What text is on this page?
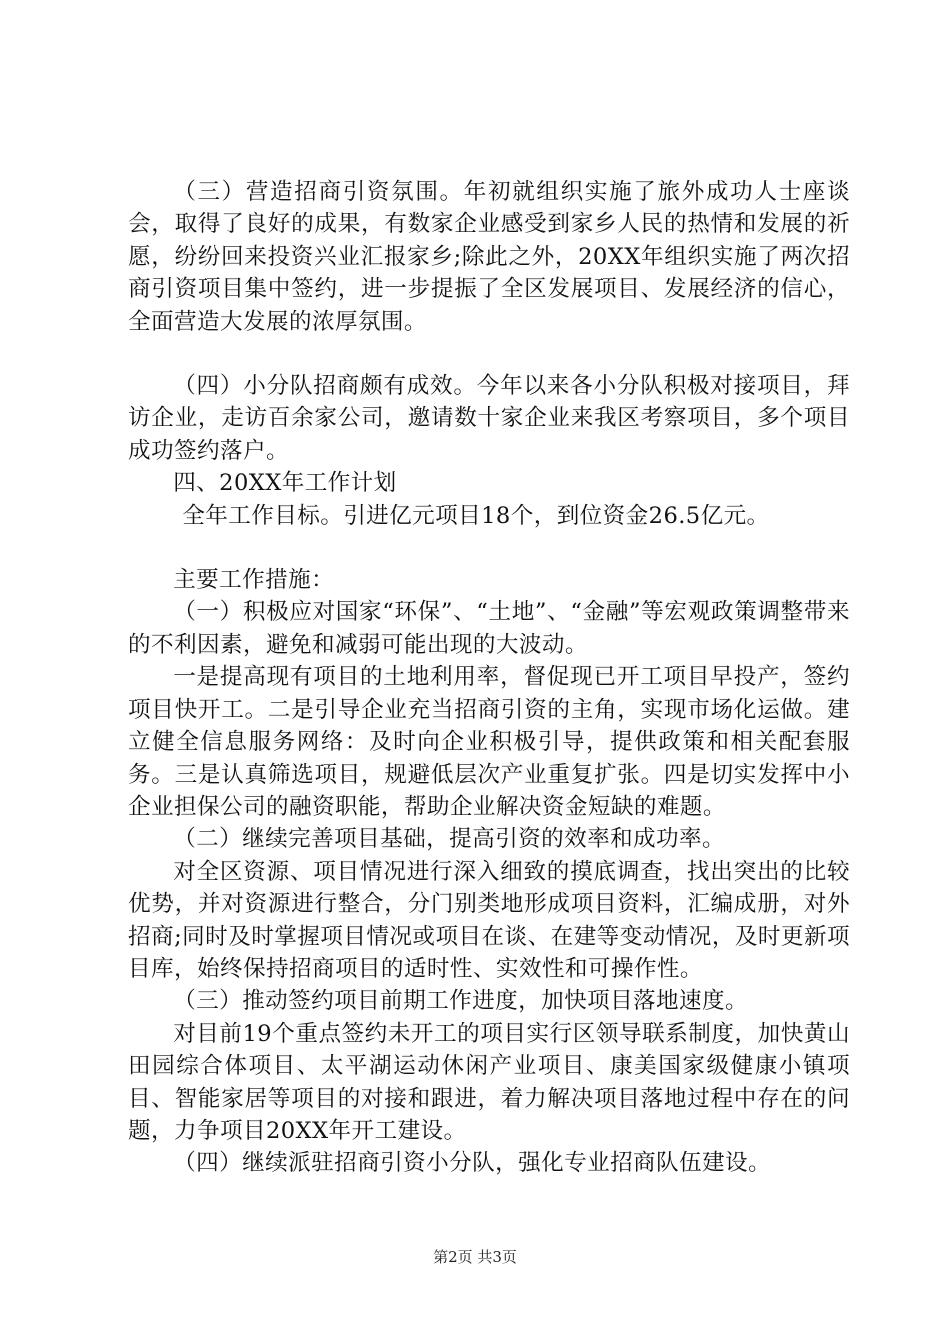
（三）营造招商引资氛围。年初就组织实施了旅外成功人士座谈会，取得了良好的成果，有数家企业感受到家乡人民的热情和发展的祈愿，纷纷回来投资兴业汇报家乡;除此之外，20XX年组织实施了两次招商引资项目集中签约，进一步提振了全区发展项目、发展经济的信心，全面营造大发展的浓厚氛围。

（四）小分队招商颇有成效。今年以来各小分队积极对接项目，拜访企业，走访百余家公司，邀请数十家企业来我区考察项目，多个项目成功签约落户。

四、20XX年工作计划

全年工作目标。引进亿元项目18个，到位资金26.5亿元。

主要工作措施：

（一）积极应对国家“环保”、“土地”、“金融”等宏观政策调整带来的不利因素，避免和减弱可能出现的大波动。

一是提高现有项目的土地利用率，督促现已开工项目早投产，签约项目快开工。二是引导企业充当招商引资的主角，实现市场化运做。建立健全信息服务网络：及时向企业积极引导，提供政策和相关配套服务。三是认真筛选项目，规避低层次产业重复扩张。四是切实发挥中小企业担保公司的融资职能，帮助企业解决资金短缺的难题。

（二）继续完善项目基础，提高引资的效率和成功率。

对全区资源、项目情况进行深入细致的摸底调查，找出突出的比较优势，并对资源进行整合，分门别类地形成项目资料，汇编成册，对外招商;同时及时掌握项目情况或项目在谈、在建等变动情况，及时更新项目库，始终保持招商项目的适时性、实效性和可操作性。

（三）推动签约项目前期工作进度，加快项目落地速度。

对目前19个重点签约未开工的项目实行区领导联系制度，加快黄山田园综合体项目、太平湖运动休闲产业项目、康美国家级健康小镇项目、智能家居等项目的对接和跟进，着力解决项目落地过程中存在的问题，力争项目20XX年开工建设。

（四）继续派驻招商引资小分队，强化专业招商队伍建设。

第2页 共3页
